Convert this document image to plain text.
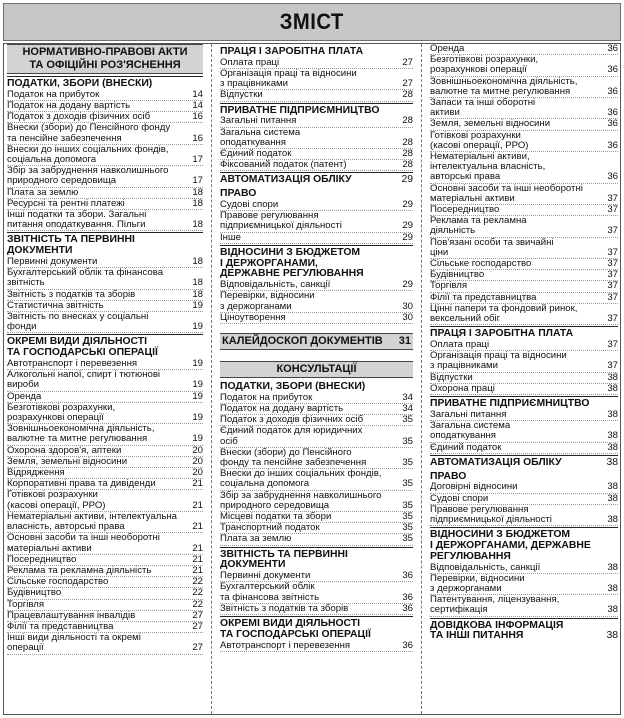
ЗМІСТ
НОРМАТИВНО-ПРАВОВІ АКТИ
ТА ОФІЦІЙНІ РОЗ'ЯСНЕННЯ
ПОДАТКИ, ЗБОРИ (ВНЕСКИ)
Податок на прибуток	14
Податок на додану вартість	14
Податок з доходів фізичних осіб	16
Внески (збори) до Пенсійного фонду
та пенсійне забезпечення	16
Внески до інших соціальних фондів,
соціальна допомога	17
Збір за забруднення навколишнього
природного середовища	17
Плата за землю	18
Ресурсні та рентні платежі	18
Інші податки та збори. Загальні
питання оподаткування. Пільги	18
ЗВІТНІСТЬ ТА ПЕРВИННІ
ДОКУМЕНТИ
Первинні документи	18
Бухгалтерський облік та фінансова
звітність	18
Звітність з податків та зборів	18
Статистична звітність	19
Звітність по внесках у соціальні
фонди	19
ОКРЕМІ ВИДИ ДІЯЛЬНОСТІ
ТА ГОСПОДАРСЬКІ ОПЕРАЦІЇ
Автотранспорт і перевезення	19
Алкогольні напої, спирт і тютюнові
вироби	19
Оренда	19
Безготівкові розрахунки,
розрахункові операції	19
Зовнішньоекономічна діяльність,
валютне та митне регулювання	19
Охорона здоров'я, аптеки	20
Земля, земельні відносини	20
Відрядження	20
Корпоративні права та дивіденди	21
Готівкові розрахунки
(касові операції, РРО)	21
Нематеріальні активи, інтелектуальна
власність, авторські права	21
Основні засоби та інші необоротні
матеріальні активи	21
Посередництво	21
Реклама та рекламна діяльність	21
Сільське господарство	22
Будівництво	22
Торгівля	22
Працевлаштування інвалідів	27
Філії та представництва	27
Інші види діяльності та окремі
операції	27
ПРАЦЯ І ЗАРОБІТНА ПЛАТА
Оплата праці	27
Організація праці та відносини
з працівниками	27
Відпустки	28
ПРИВАТНЕ ПІДПРИЄМНИЦТВО
Загальні питання	28
Загальна система
оподаткування	28
Єдиний податок	28
Фіксований податок (патент)	28
АВТОМАТИЗАЦІЯ ОБЛІКУ	29
ПРАВО
Судові спори	29
Правове регулювання
підприємницької діяльності	29
Інше	29
ВІДНОСИНИ З БЮДЖЕТОМ
І ДЕРЖОРГАНАМИ,
ДЕРЖАВНЕ РЕГУЛЮВАННЯ
Відповідальність, санкції	29
Перевірки, відносини
з держорганами	30
Ціноутворення	30
КАЛЕЙДОСКОП ДОКУМЕНТІВ	31
КОНСУЛЬТАЦІЇ
ПОДАТКИ, ЗБОРИ (ВНЕСКИ)
Податок на прибуток	34
Податок на додану вартість	34
Податок з доходів фізичних осіб	35
Єдиний податок для юридичних
осіб	35
Внески (збори) до Пенсійного
фонду та пенсійне забезпечення	35
Внески до інших соціальних фондів,
соціальна допомога	35
Збір за забруднення навколишнього
природного середовища	35
Місцеві податки та збори	35
Транспортний податок	35
Плата за землю	35
ЗВІТНІСТЬ ТА ПЕРВИННІ
ДОКУМЕНТИ
Первинні документи	36
Бухгалтерський облік
та фінансова звітність	36
Звітність з податків та зборів	36
ОКРЕМІ ВИДИ ДІЯЛЬНОСТІ
ТА ГОСПОДАРСЬКІ ОПЕРАЦІЇ
Автотранспорт і перевезення	36
Оренда	36
Безготівкові розрахунки,
розрахункові операції	36
Зовнішньоекономічна діяльність,
валютне та митне регулювання	36
Запаси та інші оборотні
активи	36
Земля, земельні відносини	36
Готівкові розрахунки
(касові операції, РРО)	36
Нематеріальні активи,
інтелектуальна власність,
авторські права	36
Основні засоби та інші необоротні
матеріальні активи	37
Посередництво	37
Реклама та рекламна
діяльність	37
Пов'язані особи та звичайні
ціни	37
Сільське господарство	37
Будівництво	37
Торгівля	37
Філії та представництва	37
Цінні папери та фондовий ринок,
вексельний обіг	37
ПРАЦЯ І ЗАРОБІТНА ПЛАТА
Оплата праці	37
Організація праці та відносини
з працівниками	37
Відпустки	38
Охорона праці	38
ПРИВАТНЕ ПІДПРИЄМНИЦТВО
Загальні питання	38
Загальна система
оподаткування	38
Єдиний податок	38
АВТОМАТИЗАЦІЯ ОБЛІКУ	38
ПРАВО
Договірні відносини	38
Судові спори	38
Правове регулювання
підприємницької діяльності	38
ВІДНОСИНИ З БЮДЖЕТОМ
І ДЕРЖОРГАНАМИ, ДЕРЖАВНЕ
РЕГУЛЮВАННЯ
Відповідальність, санкції	38
Перевірки, відносини
з держорганами	38
Патентування, ліцензування,
сертифікація	38
ДОВІДКОВА ІНФОРМАЦІЯ
ТА ІНШІ ПИТАННЯ	38
